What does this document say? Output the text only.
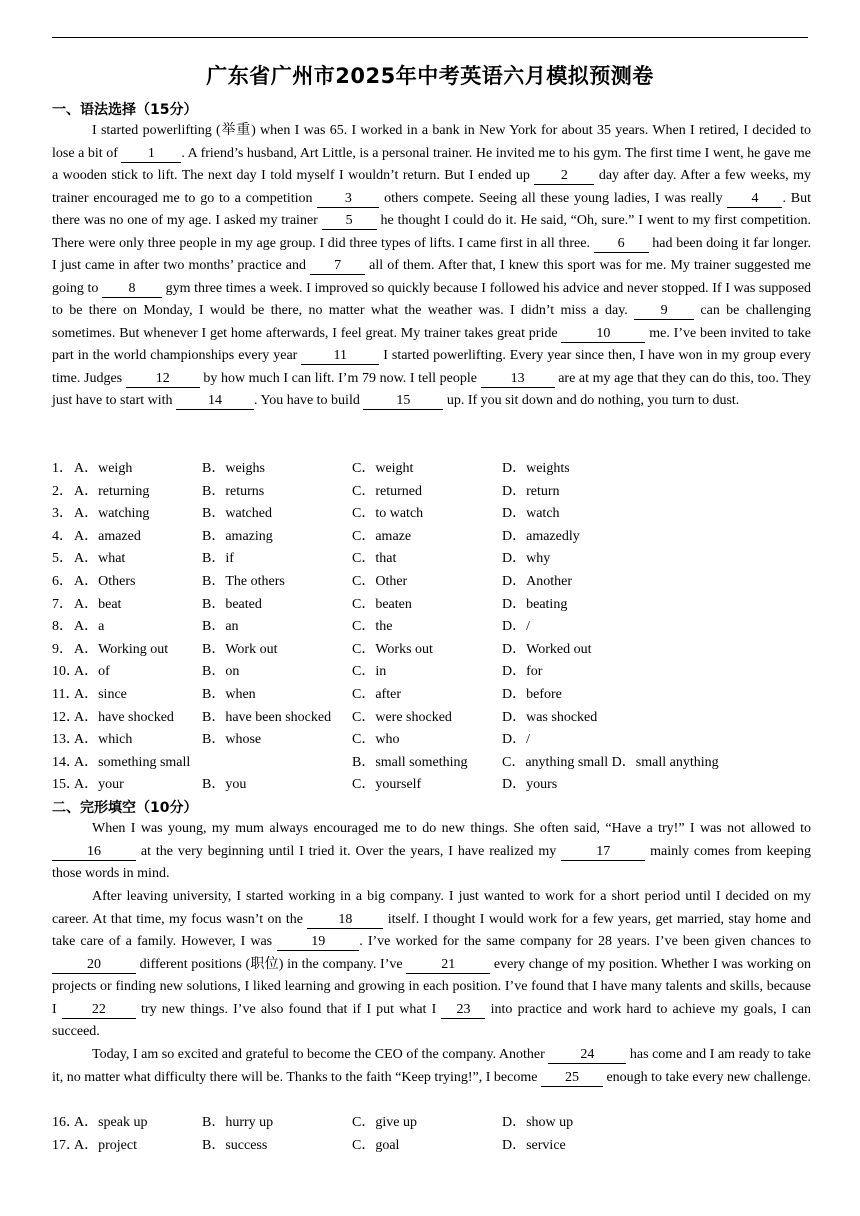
广东省广州市2025年中考英语六月模拟预测卷
一、语法选择（15分）
I started powerlifting (举重) when I was 65. I worked in a bank in New York for about 35 years. When I retired, I decided to lose a bit of 1 . A friend’s husband, Art Little, is a personal trainer. He invited me to his gym. The first time I went, he gave me a wooden stick to lift. The next day I told myself I wouldn’t return. But I ended up 2 day after day. After a few weeks, my trainer encouraged me to go to a competition 3 others compete. Seeing all these young ladies, I was really 4 . But there was no one of my age. I asked my trainer 5 he thought I could do it. He said, “Oh, sure.” I went to my first competition. There were only three people in my age group. I did three types of lifts. I came first in all three. 6 had been doing it far longer. I just came in after two months’ practice and 7 all of them. After that, I knew this sport was for me. My trainer suggested me going to 8 gym three times a week. I improved so quickly because I followed his advice and never stopped. If I was supposed to be there on Monday, I would be there, no matter what the weather was. I didn’t miss a day. 9 can be challenging sometimes. But whenever I get home afterwards, I feel great. My trainer takes great pride	10	me. I’ve been invited to take part in the world championships every year 11 I started powerlifting. Every year since then, I have won in my group every time. Judges 12 by how much I can lift. I’m 79 now. I tell people 13 are at my age that they can do this, too. They just have to start with 14 . You have to build 15 up. If you sit down and do nothing, you turn to dust.
1． A．weigh	B．weighs	C．weight	D．weights
2． A．returning	B．returns	C．returned	D．return
3． A．watching	B．watched	C．to watch	D．watch
4． A．amazed	B．amazing	C．amaze	D．amazedly
5． A．what	B．if	C．that	D．why
6． A．Others	B．The others	C．Other	D．Another
7． A．beat	B．beated	C．beaten	D．beating
8． A．a	B．an	C．the	D．/
9． A．Working out B．Work out	C．Works out	D．Worked out
10．
A．of	B．on	C．in	D．for
11．
A．since	B．when	C．after	D．before
12．
A．have shocked B．have been shocked C．were shocked	D．was shocked
13．
A．which	B．whose	C．who	D．/
14．
A．something small	B．small something C．anything small D．small anything
15．
A．your	B．you	C．yourself	D．yours
二、完形填空（10分）
When I was young, my mum always encouraged me to do new things. She often said, “Have a try!” I was not allowed to 16	at the very beginning until I tried it. Over the years, I have realized my	17	mainly comes from keeping those words in mind.
After leaving university, I started working in a big company. I just wanted to work for a short period until I decided on my career. At that time, my focus wasn’t on the 18 itself. I thought I would work for a few years, get married, stay home and take care of a family. However, I was 19 . I’ve worked for the same company for 28 years. I’ve been given chances to 20	different positions (职位) in the company. I’ve	21	every change of my position. Whether I was working on projects or finding new solutions, I liked learning and growing in each position. I’ve found that I have many talents and skills, because I 22 try new things. I’ve also found that if I put what I 23 into practice and work hard to achieve my goals, I can succeed.
Today, I am so excited and grateful to become the CEO of the company. Another 24 has come and I am ready to take it, no matter what difficulty there will be. Thanks to the faith “Keep trying!”, I become 25 enough to take every new challenge.
16．
A．speak up	B．hurry up	C．give up	D．show up
17．
A．project	B．success	C．goal	D．service
